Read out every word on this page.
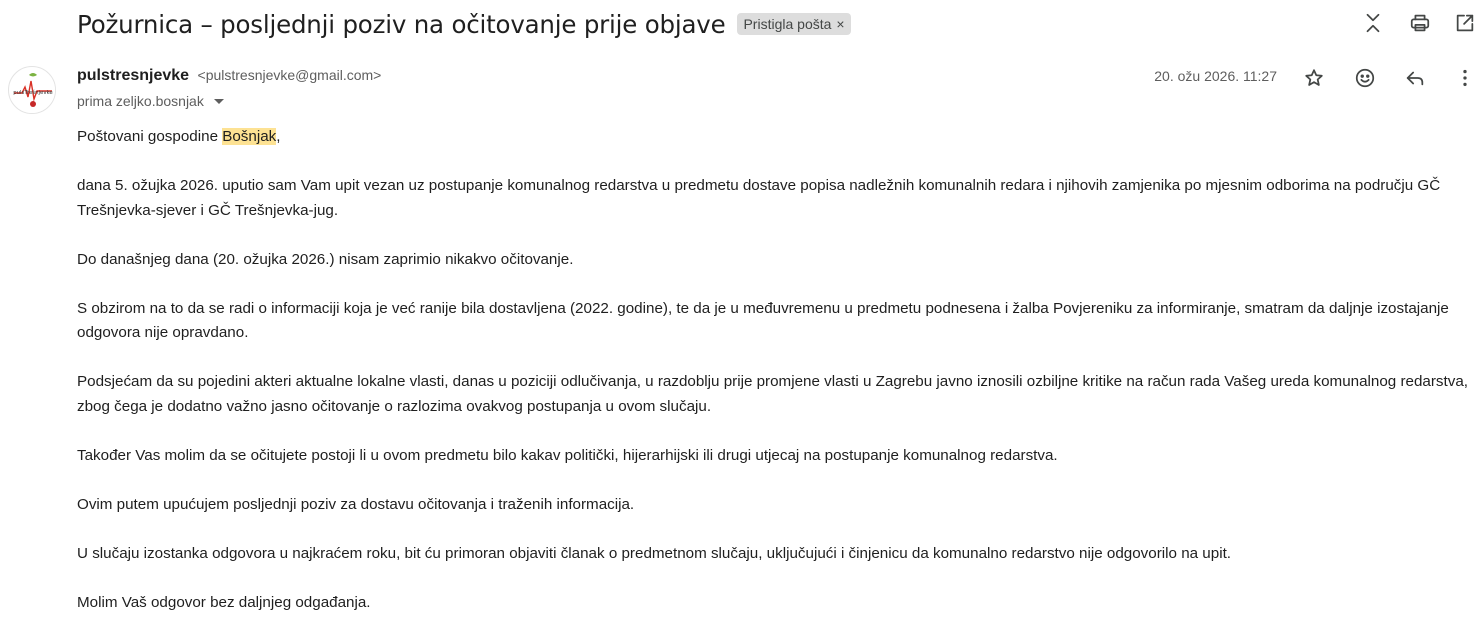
Požurnica – posljednji poziv na očitovanje prije objave Pristigla pošta ×
pulsTrešnjevke
pulstresnjevke <pulstresnjevke@gmail.com>
prima zeljko.bosnjak
20. ožu 2026. 11:27

Poštovani gospodine Bošnjak,

dana 5. ožujka 2026. uputio sam Vam upit vezan uz postupanje komunalnog redarstva u predmetu dostave popisa nadležnih komunalnih redara i njihovih zamjenika po mjesnim odborima na području GČ Trešnjevka-sjever i GČ Trešnjevka-jug.

Do današnjeg dana (20. ožujka 2026.) nisam zaprimio nikakvo očitovanje.

S obzirom na to da se radi o informaciji koja je već ranije bila dostavljena (2022. godine), te da je u međuvremenu u predmetu podnesena i žalba Povjereniku za informiranje, smatram da daljnje izostajanje odgovora nije opravdano.

Podsjećam da su pojedini akteri aktualne lokalne vlasti, danas u poziciji odlučivanja, u razdoblju prije promjene vlasti u Zagrebu javno iznosili ozbiljne kritike na račun rada Vašeg ureda komunalnog redarstva, zbog čega je dodatno važno jasno očitovanje o razlozima ovakvog postupanja u ovom slučaju.

Također Vas molim da se očitujete postoji li u ovom predmetu bilo kakav politički, hijerarhijski ili drugi utjecaj na postupanje komunalnog redarstva.

Ovim putem upućujem posljednji poziv za dostavu očitovanja i traženih informacija.

U slučaju izostanka odgovora u najkraćem roku, bit ću primoran objaviti članak o predmetnom slučaju, uključujući i činjenicu da komunalno redarstvo nije odgovorilo na upit.

Molim Vaš odgovor bez daljnjeg odgađanja.
